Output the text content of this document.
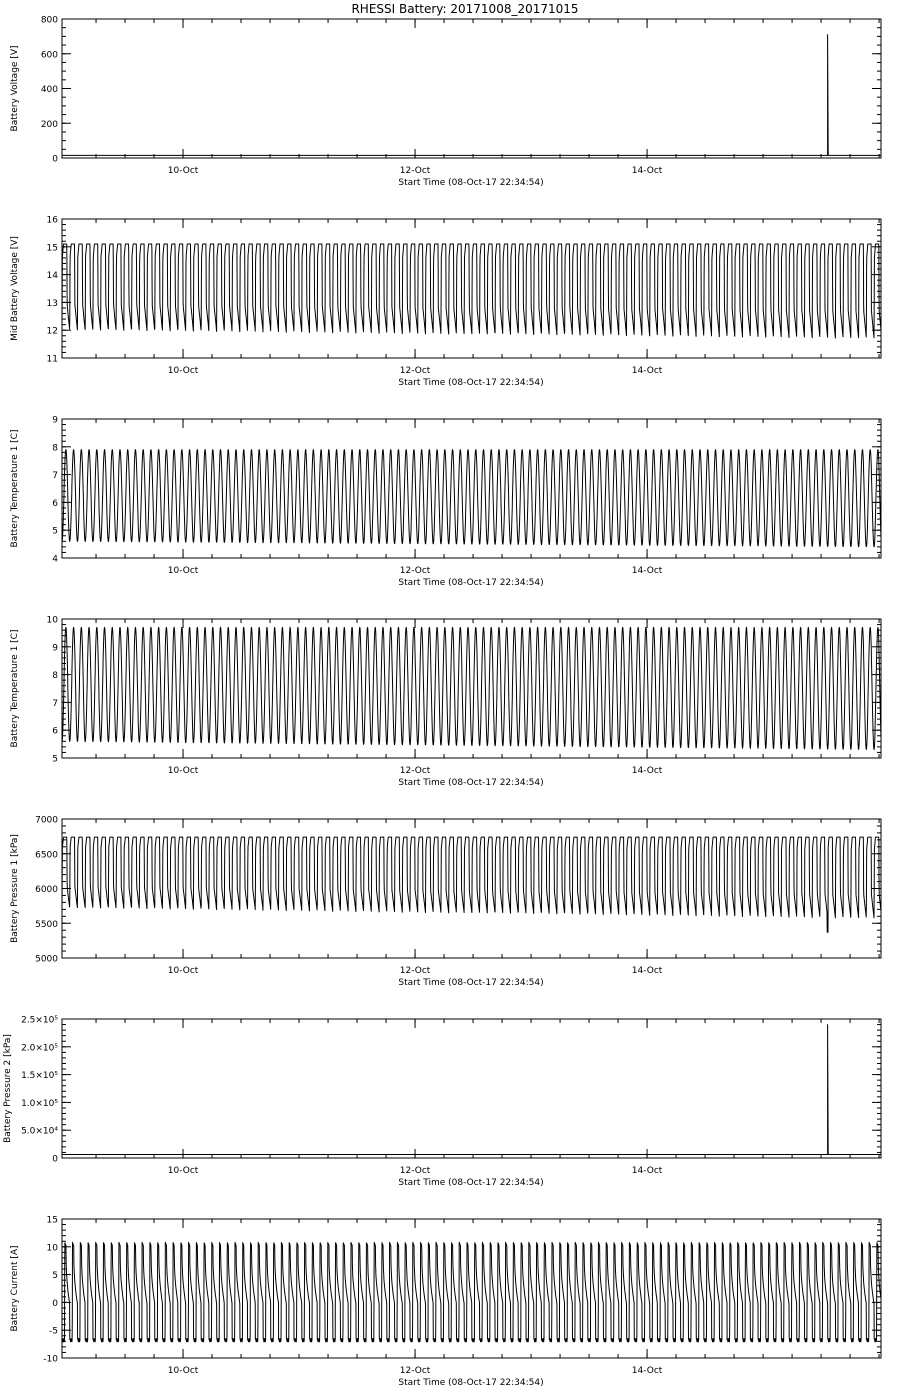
RHESSI Battery: 20171008_20171015
0
200
400
600
800
10-Oct	12-Oct	14-Oct
Start Time (08-Oct-17 22:34:54)
Battery Voltage [V]
11
12
13
14
15
16
10-Oct	12-Oct	14-Oct
Start Time (08-Oct-17 22:34:54)
Mid Battery Voltage [V]
4
5
6
7
8
9
10-Oct	12-Oct	14-Oct
Start Time (08-Oct-17 22:34:54)
Battery Temperature 1 [C]
5
6
7
8
9
10
10-Oct	12-Oct	14-Oct
Start Time (08-Oct-17 22:34:54)
Battery Temperature 1 [C]
5000
5500
6000
6500
7000
10-Oct	12-Oct	14-Oct
Start Time (08-Oct-17 22:34:54)
Battery Pressure 1 [kPa]
0
5.0×10⁴
1.0×10⁵
1.5×10⁵
2.0×10⁵
2.5×10⁵
10-Oct	12-Oct	14-Oct
Start Time (08-Oct-17 22:34:54)
Battery Pressure 2 [kPa]
-10
-5
0
5
10
15
10-Oct	12-Oct	14-Oct
Start Time (08-Oct-17 22:34:54)
Battery Current [A]
